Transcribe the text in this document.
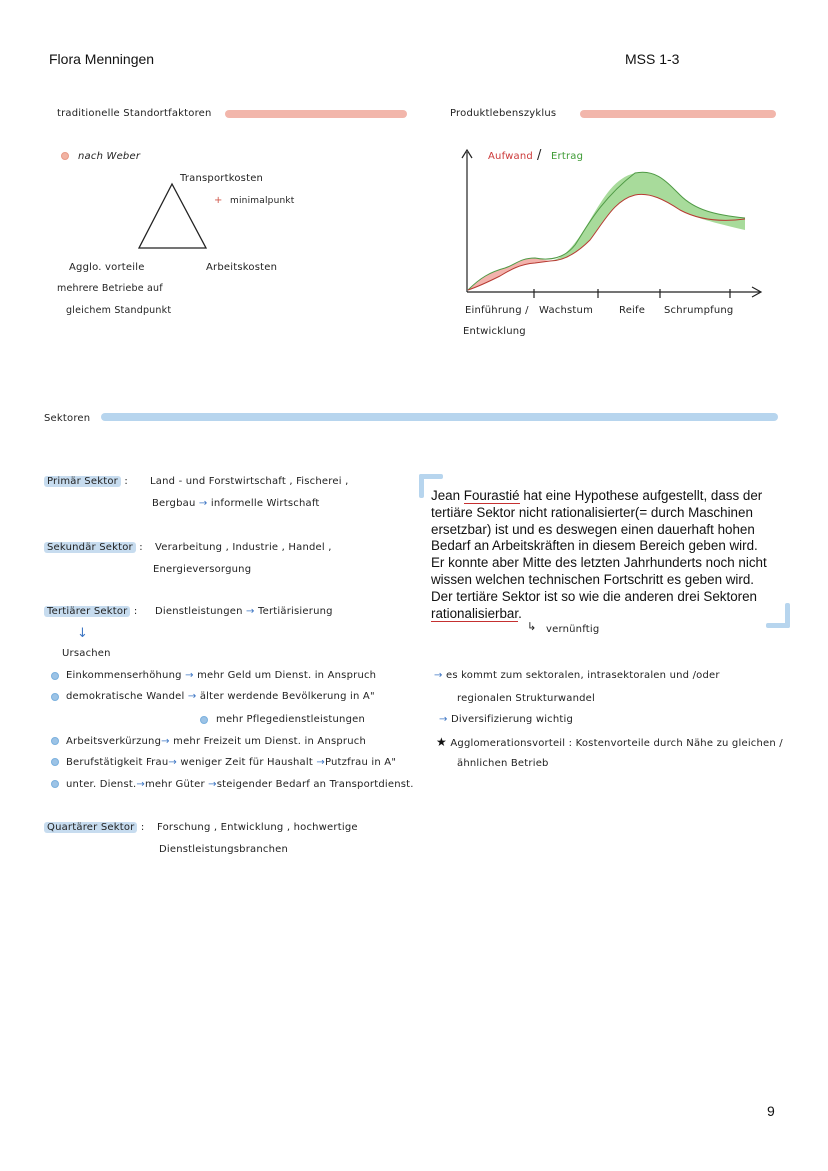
Flora Menningen	MSS 1-3
9
traditionelle Standortfaktoren
nach Weber
Transportkosten
+ minimalpunkt
Agglo. vorteile	Arbeitskosten
mehrere Betriebe auf
gleichem Standpunkt
Produktlebenszyklus
Aufwand / Ertrag
Einführung /
Entwicklung
Wachstum	Reife Schrumpfung
Sektoren
Primär Sektor : Land - und Forstwirtschaft , Fischerei ,
Bergbau → informelle Wirtschaft
Sekundär Sektor : Verarbeitung , Industrie , Handel ,
Energieversorgung
Tertiärer Sektor : Dienstleistungen → Tertiärisierung
↓
Ursachen
Einkommenserhöhung → mehr Geld um Dienst. in Anspruch
demokratische Wandel → älter werdende Bevölkerung in A"
mehr Pflegedienstleistungen
Arbeitsverkürzung→ mehr Freizeit um Dienst. in Anspruch
Berufstätigkeit Frau→ weniger Zeit für Haushalt →Putzfrau in A"
unter. Dienst.→mehr Güter →steigender Bedarf an Transportdienst.
Quartärer Sektor : Forschung , Entwicklung , hochwertige
Dienstleistungsbranchen
Jean Fourastié hat eine Hypothese aufgestellt, dass der
tertiäre Sektor nicht rationalisierter(= durch Maschinen
ersetzbar) ist und es deswegen einen dauerhaft hohen
Bedarf an Arbeitskräften in diesem Bereich geben wird.
Er konnte aber Mitte des letzten Jahrhunderts noch nicht
wissen welchen technischen Fortschritt es geben wird.
Der tertiäre Sektor ist so wie die anderen drei Sektoren
rationalisierbar.
↳ vernünftig
→ es kommt zum sektoralen, intrasektoralen und /oder
regionalen Strukturwandel
→ Diversifizierung wichtig
★ Agglomerationsvorteil : Kostenvorteile durch Nähe zu gleichen /
ähnlichen Betrieb
